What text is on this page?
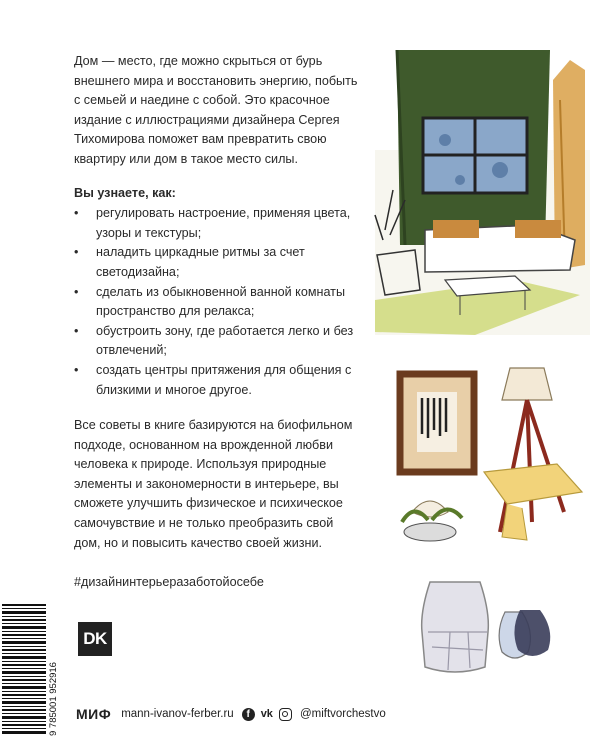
Дом — место, где можно скрыться от бурь внешнего мира и восстановить энергию, побыть с семьей и наедине с собой. Это красочное издание с иллюстрациями дизайнера Сергея Тихомирова поможет вам превратить свою квартиру или дом в такое место силы.

Вы узнаете, как:

• регулировать настроение, применяя цвета, узоры и текстуры;
• наладить циркадные ритмы за счет светодизайна;
• сделать из обыкновенной ванной комнаты пространство для релакса;
• обустроить зону, где работается легко и без отвлечений;
• создать центры притяжения для общения с близкими и многое другое.

Все советы в книге базируются на биофильном подходе, основанном на врожденной любви человека к природе. Используя природные элементы и закономерности в интерьере, вы сможете улучшить физическое и психическое самочувствие и не только преобразить свой дом, но и повысить качество своей жизни.

#дизайнинтерьеразаботойосебе

9 785001 952916
DK
МИФ mann-ivanov-ferber.ru	f vk @miftvorchestvo
